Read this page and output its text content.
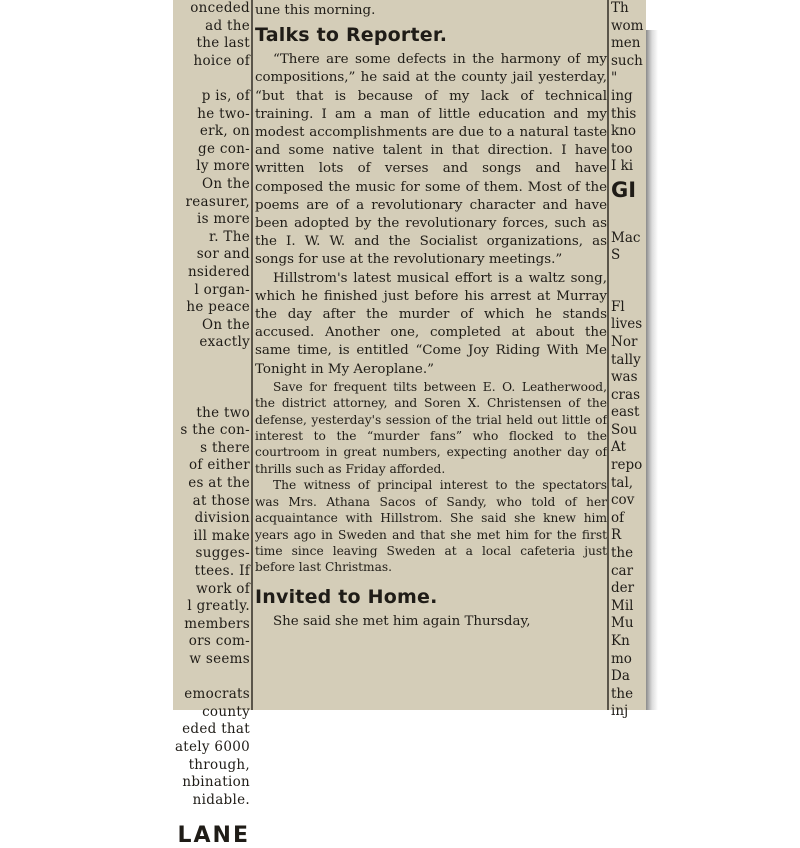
onceded
ad the
the last
hoice of
p is, of
he two-
erk, on
ge con-
ly more
On the
reasurer,
is more
r. The
sor and
nsidered
l organ-
he peace
On the
exactly
the two
s the con-
s there
of either
es at the
at those
division
ill make
sugges-
ttees. If
work of
l greatly.
members
ors com-
w seems
emocrats
county
eded that
ately 6000
through,
nbination
nidable.
LANE

une this morning.

Talks to Reporter.

“There are some defects in the harmony of my compositions,” he said at the county jail yesterday, “but that is because of my lack of technical training. I am a man of little education and my modest accomplishments are due to a natural taste and some native talent in that direction. I have written lots of verses and songs and have composed the music for some of them. Most of the poems are of a revolutionary character and have been adopted by the revolutionary forces, such as the I. W. W. and the Socialist organizations, as songs for use at the revolutionary meetings.”

Hillstrom's latest musical effort is a waltz song, which he finished just before his arrest at Murray the day after the murder of which he stands accused. Another one, completed at about the same time, is entitled “Come Joy Riding With Me Tonight in My Aeroplane.”

Save for frequent tilts between E. O. Leatherwood, the district attorney, and Soren X. Christensen of the defense, yesterday's session of the trial held out little of interest to the “murder fans” who flocked to the courtroom in great numbers, expecting another day of thrills such as Friday afforded.

The witness of principal interest to the spectators was Mrs. Athana Sacos of Sandy, who told of her acquaintance with Hillstrom. She said she knew him years ago in Sweden and that she met him for the first time since leaving Sweden at a local cafeteria just before last Christmas.

Invited to Home.

She said she met him again Thursday,

Th
wom
men
such
"
ing
this
kno
too
I ki
GI
Mac
S
Fl
lives
Nor
tally
was
cras
east
Sou
At
repo
tal,
cov
of
R
the
car
der
Mil
Mu
Kn
mo
Da
the
inj
